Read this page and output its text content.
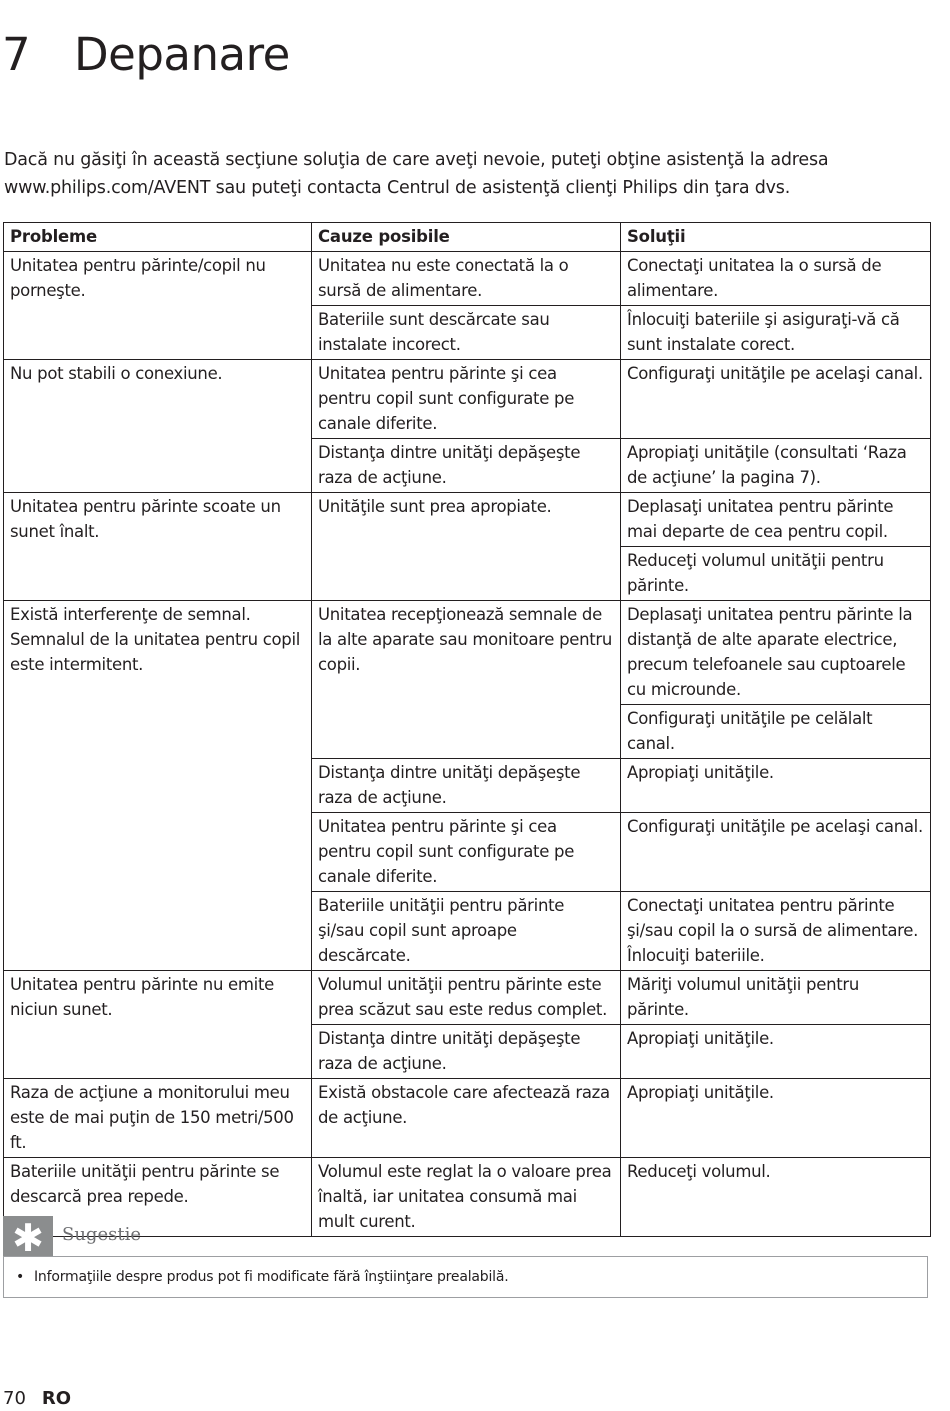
7 Depanare

Dacă nu găsiţi în această secţiune soluţia de care aveţi nevoie, puteţi obţine asistenţă la adresa www.philips.com/AVENT sau puteţi contacta Centrul de asistenţă clienţi Philips din ţara dvs.

Probleme	Cauze posibile	Soluţii
Unitatea pentru părinte/copil nu porneşte.	Unitatea nu este conectată la o sursă de alimentare.	Conectaţi unitatea la o sursă de alimentare.
	Bateriile sunt descărcate sau instalate incorect.	Înlocuiţi bateriile şi asiguraţi-vă că sunt instalate corect.
Nu pot stabili o conexiune.	Unitatea pentru părinte şi cea pentru copil sunt configurate pe canale diferite.	Configuraţi unităţile pe acelaşi canal.
	Distanţa dintre unităţi depăşeşte raza de acţiune.	Apropiaţi unităţile (consultati ‘Raza de acţiune’ la pagina 7).
Unitatea pentru părinte scoate un sunet înalt.	Unităţile sunt prea apropiate.	Deplasaţi unitatea pentru părinte mai departe de cea pentru copil.
		Reduceţi volumul unităţii pentru părinte.
Există interferenţe de semnal. Semnalul de la unitatea pentru copil este intermitent.	Unitatea recepţionează semnale de la alte aparate sau monitoare pentru copii.	Deplasaţi unitatea pentru părinte la distanţă de alte aparate electrice, precum telefoanele sau cuptoarele cu microunde.
		Configuraţi unităţile pe celălalt canal.
	Distanţa dintre unităţi depăşeşte raza de acţiune.	Apropiaţi unităţile.
	Unitatea pentru părinte şi cea pentru copil sunt configurate pe canale diferite.	Configuraţi unităţile pe acelaşi canal.
	Bateriile unităţii pentru părinte şi/sau copil sunt aproape descărcate.	Conectaţi unitatea pentru părinte şi/sau copil la o sursă de alimentare. Înlocuiţi bateriile.
Unitatea pentru părinte nu emite niciun sunet.	Volumul unităţii pentru părinte este prea scăzut sau este redus complet.	Măriţi volumul unităţii pentru părinte.
	Distanţa dintre unităţi depăşeşte raza de acţiune.	Apropiaţi unităţile.
Raza de acţiune a monitorului meu este de mai puţin de 150 metri/500 ft.	Există obstacole care afectează raza de acţiune.	Apropiaţi unităţile.
Bateriile unităţii pentru părinte se descarcă prea repede.	Volumul este reglat la o valoare prea înaltă, iar unitatea consumă mai mult curent.	Reduceţi volumul.
✱	Sugestie
• Informaţiile despre produs pot fi modificate fără înştiinţare prealabilă.
70 RO
